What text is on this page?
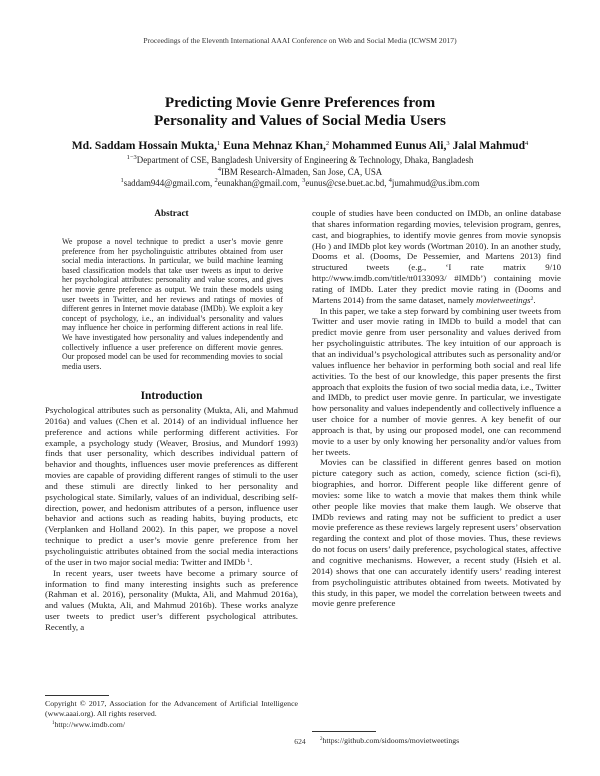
Proceedings of the Eleventh International AAAI Conference on Web and Social Media (ICWSM 2017)
Predicting Movie Genre Preferences from
Personality and Values of Social Media Users
Md. Saddam Hossain Mukta,$^1$ Euna Mehnaz Khan,$^2$ Mohammed Eunus Ali,$^3$ Jalal Mahmud$^4$
$^{1-3}$Department of CSE, Bangladesh University of Engineering & Technology, Dhaka, Bangladesh
$^4$IBM Research-Almaden, San Jose, CA, USA
$^1$saddam944@gmail.com, $^2$eunakhan@gmail.com, $^3$eunus@cse.buet.ac.bd, $^4$jumahmud@us.ibm.com
Abstract
We propose a novel technique to predict a user’s movie genre preference from her psycholinguistic attributes obtained from user social media interactions. In particular, we build machine learning based classification models that take user tweets as input to derive her psychological attributes: personality and value scores, and gives her movie genre preference as output. We train these models using user tweets in Twitter, and her reviews and ratings of movies of different genres in Internet movie database (IMDb). We exploit a key concept of psychology, i.e., an individual’s personality and values may influence her choice in performing different actions in real life. We have investigated how personality and values independently and collectively influence a user preference on different movie genres. Our proposed model can be used for recommending movies to social media users.
Introduction

Psychological attributes such as personality (Mukta, Ali, and Mahmud 2016a) and values (Chen et al. 2014) of an individual influence her preference and actions while performing different activities. For example, a psychology study (Weaver, Brosius, and Mundorf 1993) finds that user personality, which describes individual pattern of behavior and thoughts, influences user movie preferences as different movies are capable of providing different ranges of stimuli to the user and these stimuli are directly linked to her personality and psychological state. Similarly, values of an individual, describing self-direction, power, and hedonism attributes of a person, influence user behavior and actions such as reading habits, buying products, etc (Verplanken and Holland 2002). In this paper, we propose a novel technique to predict a user’s movie genre preference from her psycholinguistic attributes obtained from the social media interactions of the user in two major social media: Twitter and IMDb $^1$.

In recent years, user tweets have become a primary source of information to find many interesting insights such as preference (Rahman et al. 2016), personality (Mukta, Ali, and Mahmud 2016a), and values (Mukta, Ali, and Mahmud 2016b). These works analyze user tweets to predict user’s different psychological attributes. Recently, a

Copyright © 2017, Association for the Advancement of Artificial Intelligence (www.aaai.org). All rights reserved.
$^1$http://www.imdb.com/

couple of studies have been conducted on IMDb, an online database that shares information regarding movies, television program, genres, cast, and biographies, to identify movie genres from movie synopsis (Ho ) and IMDb plot key words (Wortman 2010). In an another study, Dooms et al. (Dooms, De Pessemier, and Martens 2013) find structured tweets (e.g., ‘I rate matrix 9/10 http://www.imdb.com/title/tt0133093/ #IMDb’) containing movie rating of IMDb. Later they predict movie rating in (Dooms and Martens 2014) from the same dataset, namely movietweetings$^2$.

In this paper, we take a step forward by combining user tweets from Twitter and user movie rating in IMDb to build a model that can predict movie genre from user personality and values derived from her psycholinguistic attributes. The key intuition of our approach is that an individual’s psychological attributes such as personality and/or values influence her behavior in performing both social and real life activities. To the best of our knowledge, this paper presents the first approach that exploits the fusion of two social media data, i.e., Twitter and IMDb, to predict user movie genre. In particular, we investigate how personality and values independently and collectively influence a user choice for a number of movie genres. A key benefit of our approach is that, by using our proposed model, one can recommend movie to a user by only knowing her personality and/or values from her tweets.

Movies can be classified in different genres based on motion picture category such as action, comedy, science fiction (sci-fi), biographies, and horror. Different people like different genre of movies: some like to watch a movie that makes them think while other people like movies that make them laugh. We observe that IMDb reviews and rating may not be sufficient to predict a user movie preference as these reviews largely represent users’ observation regarding the context and plot of those movies. Thus, these reviews do not focus on users’ daily preference, psychological states, affective and cognitive mechanisms. However, a recent study (Hsieh et al. 2014) shows that one can accurately identify users’ reading interest from psycholinguistic attributes obtained from tweets. Motivated by this study, in this paper, we model the correlation between tweets and movie genre preference

$^2$https://github.com/sidooms/movietweetings
624
